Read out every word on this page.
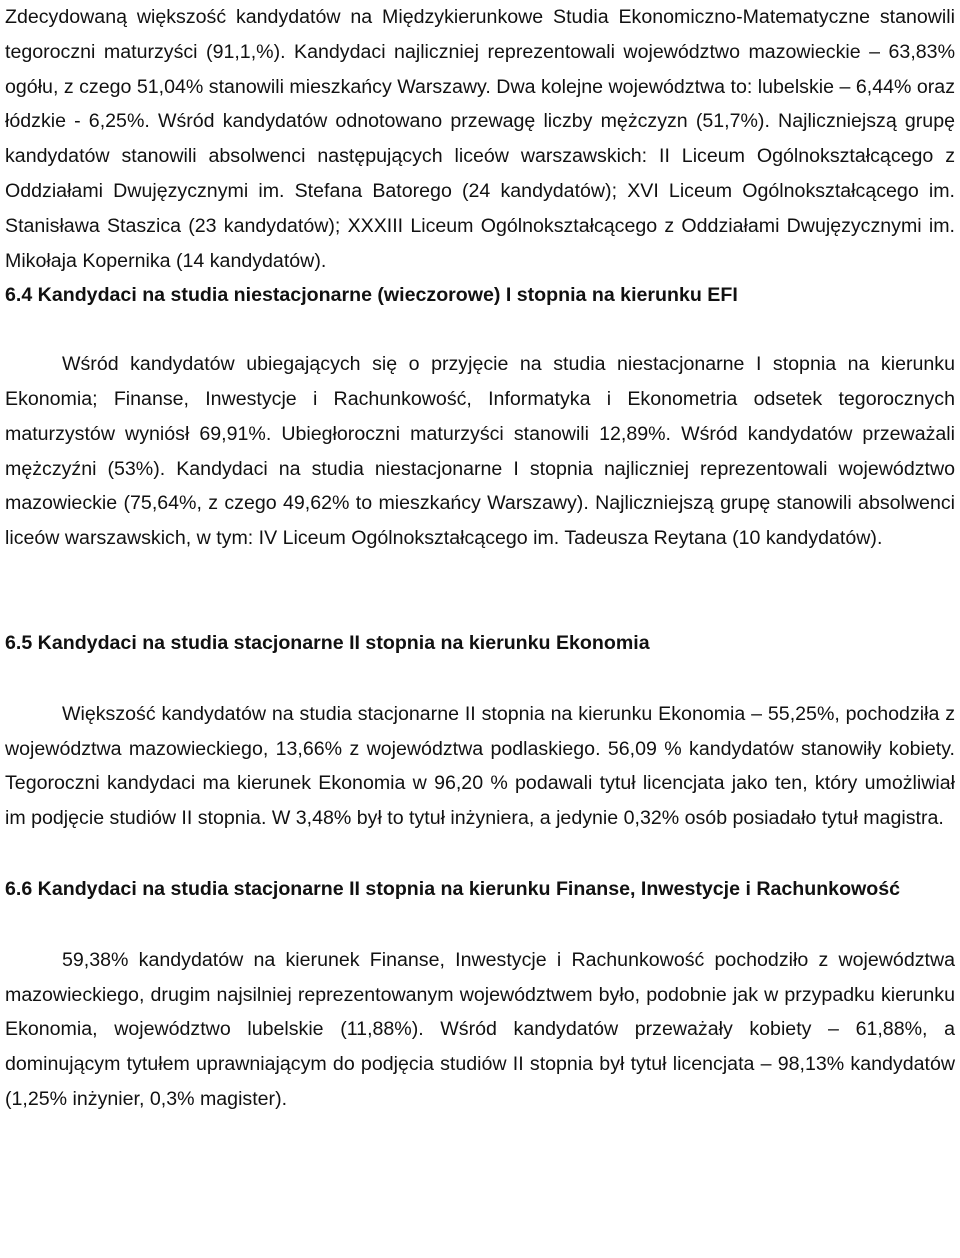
Zdecydowaną większość kandydatów na Międzykierunkowe Studia Ekonomiczno-Matematyczne stanowili tegoroczni maturzyści (91,1,%). Kandydaci najliczniej reprezentowali województwo mazowieckie – 63,83% ogółu, z czego 51,04% stanowili mieszkańcy Warszawy. Dwa kolejne województwa to: lubelskie – 6,44% oraz łódzkie - 6,25%. Wśród kandydatów odnotowano przewagę liczby mężczyzn (51,7%). Najliczniejszą grupę kandydatów stanowili absolwenci następujących liceów warszawskich: II Liceum Ogólnokształcącego z Oddziałami Dwujęzycznymi im. Stefana Batorego (24 kandydatów); XVI Liceum Ogólnokształcącego im. Stanisława Staszica (23 kandydatów); XXXIII Liceum Ogólnokształcącego z Oddziałami Dwujęzycznymi im. Mikołaja Kopernika (14 kandydatów).

6.4 Kandydaci na studia niestacjonarne (wieczorowe) I stopnia na kierunku EFI

Wśród kandydatów ubiegających się o przyjęcie na studia niestacjonarne I stopnia na kierunku Ekonomia; Finanse, Inwestycje i Rachunkowość, Informatyka i Ekonometria odsetek tegorocznych maturzystów wyniósł 69,91%. Ubiegłoroczni maturzyści stanowili 12,89%. Wśród kandydatów przeważali mężczyźni (53%). Kandydaci na studia niestacjonarne I stopnia najliczniej reprezentowali województwo mazowieckie (75,64%, z czego 49,62% to mieszkańcy Warszawy). Najliczniejszą grupę stanowili absolwenci liceów warszawskich, w tym: IV Liceum Ogólnokształcącego im. Tadeusza Reytana (10 kandydatów).

6.5 Kandydaci na studia stacjonarne II stopnia na kierunku Ekonomia

Większość kandydatów na studia stacjonarne II stopnia na kierunku Ekonomia – 55,25%, pochodziła z województwa mazowieckiego, 13,66% z województwa podlaskiego. 56,09 % kandydatów stanowiły kobiety. Tegoroczni kandydaci ma kierunek Ekonomia w 96,20 % podawali tytuł licencjata jako ten, który umożliwiał im podjęcie studiów II stopnia. W 3,48% był to tytuł inżyniera, a jedynie 0,32% osób posiadało tytuł magistra.

6.6 Kandydaci na studia stacjonarne II stopnia na kierunku Finanse, Inwestycje i Rachunkowość

59,38% kandydatów na kierunek Finanse, Inwestycje i Rachunkowość pochodziło z województwa mazowieckiego, drugim najsilniej reprezentowanym województwem było, podobnie jak w przypadku kierunku Ekonomia, województwo lubelskie (11,88%). Wśród kandydatów przeważały kobiety – 61,88%, a dominującym tytułem uprawniającym do podjęcia studiów II stopnia był tytuł licencjata – 98,13% kandydatów (1,25% inżynier, 0,3% magister).
